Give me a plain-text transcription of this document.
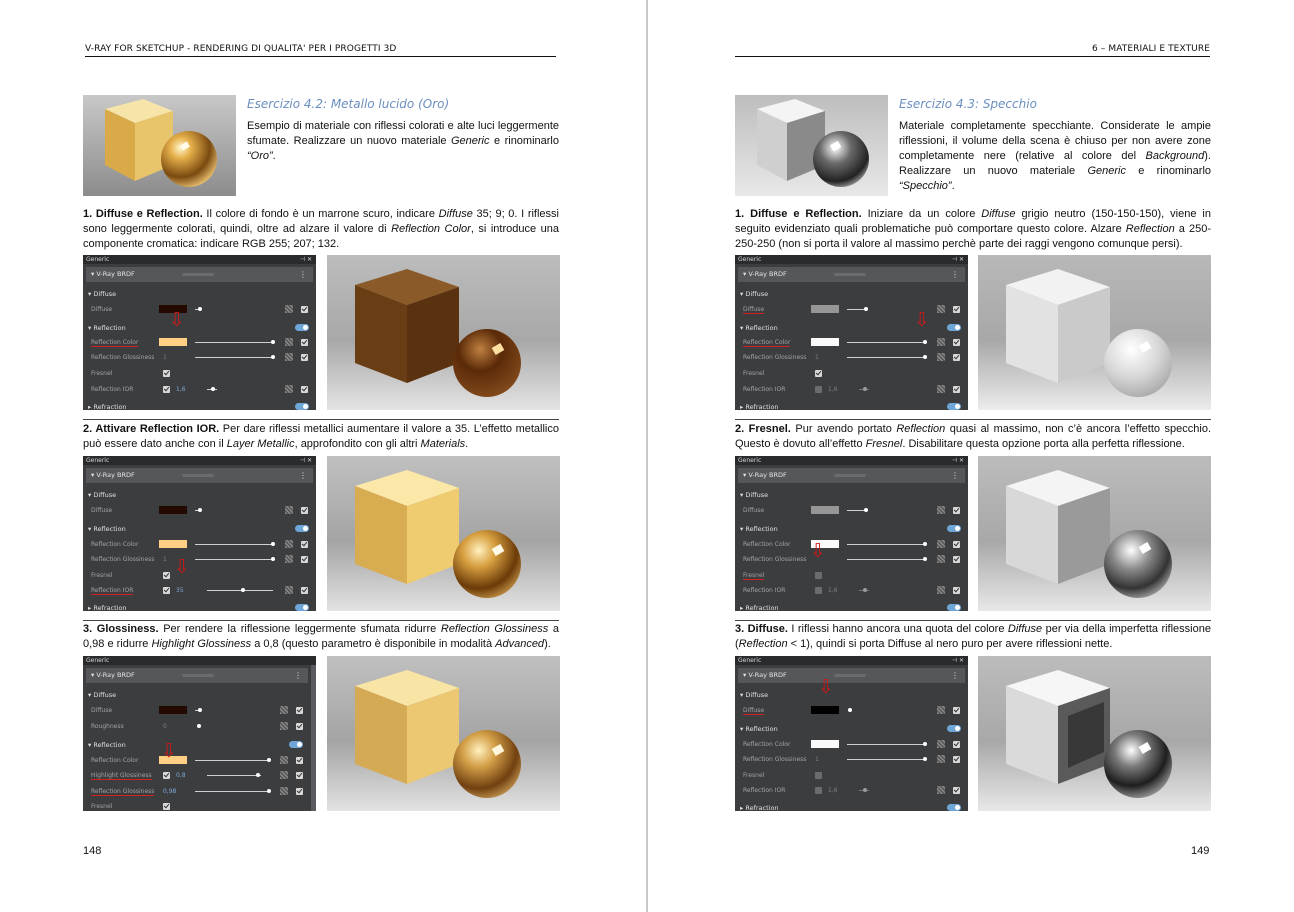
V-RAY FOR SKETCHUP - RENDERING DI QUALITA' PER I PROGETTI 3D
Esercizio 4.2: Metallo lucido (Oro)
Esempio di materiale con riflessi colorati e alte luci leggermente sfumate. Realizzare un nuovo materiale Generic e rinominarlo “Oro”.
1. Diffuse e Reflection. Il colore di fondo è un marrone scuro, indicare Diffuse 35; 9; 0. I riflessi sono leggermente colorati, quindi, oltre ad alzare il valore di Reflection Color, si introduce una componente cromatica: indicare RGB 255; 207; 132.
Generic	⊣ ✕
▾ V-Ray BRDF	⋮
▾ Diffuse
Diffuse
▾ Reflection
Reflection Color
⇩
Reflection Glossiness 1
Fresnel
Reflection IOR	1,6
▸ Refraction
2. Attivare Reflection IOR. Per dare riflessi metallici aumentare il valore a 35. L’effetto metallico può essere dato anche con il Layer Metallic, approfondito con gli altri Materials.
Generic	⊣ ✕
▾ V-Ray BRDF	⋮
▾ Diffuse
Diffuse
▾ Reflection
Reflection Color
Reflection Glossiness 1
Fresnel	⇩
Reflection IOR	35
▸ Refraction
3. Glossiness. Per rendere la riflessione leggermente sfumata ridurre Reflection Glossiness a 0,98 e ridurre Highlight Glossiness a 0,8 (questo parametro è disponibile in modalità Advanced).
Generic
▾ V-Ray BRDF	⋮
▾ Diffuse
Diffuse
Roughness	0
▾ Reflection
Reflection Color ⇩
Highlight Glossiness	0,8
Reflection Glossiness 0,98
Fresnel
148
6 – MATERIALI E TEXTURE
Esercizio 4.3: Specchio
Materiale completamente specchiante. Considerate le ampie riflessioni, il volume della scena è chiuso per non avere zone completamente nere (relative al colore del Background). Realizzare un nuovo materiale Generic e rinominarlo “Specchio”.
1. Diffuse e Reflection. Iniziare da un colore Diffuse grigio neutro (150-150-150), viene in seguito evidenziato quali problematiche può comportare questo colore. Alzare Reflection a 250-250-250 (non si porta il valore al massimo perchè parte dei raggi vengono comunque persi).
Generic	⊣ ✕
▾ V-Ray BRDF	⋮
▾ Diffuse
Diffuse
▾ Reflection
Reflection Color
⇩
Reflection Glossiness 1
Fresnel
Reflection IOR	1,6
▸ Refraction
2. Fresnel. Pur avendo portato Reflection quasi al massimo, non c’è ancora l’effetto specchio. Questo è dovuto all’effetto Fresnel. Disabilitare questa opzione porta alla perfetta riflessione.
Generic	⊣ ✕
▾ V-Ray BRDF	⋮
▾ Diffuse
Diffuse
▾ Reflection
Reflection Color
Reflection Glossiness ⇩
Fresnel
Reflection IOR	1,6
▸ Refraction
3. Diffuse. I riflessi hanno ancora una quota del colore Diffuse per via della imperfetta riflessione (Reflection < 1), quindi si porta Diffuse al nero puro per avere riflessioni nette.
Generic	⊣ ✕
▾ V-Ray BRDF	⋮
▾ Diffuse
Diffuse
⇩
▾ Reflection
Reflection Color
Reflection Glossiness 1
Fresnel
Reflection IOR	1,6
▸ Refraction
149
